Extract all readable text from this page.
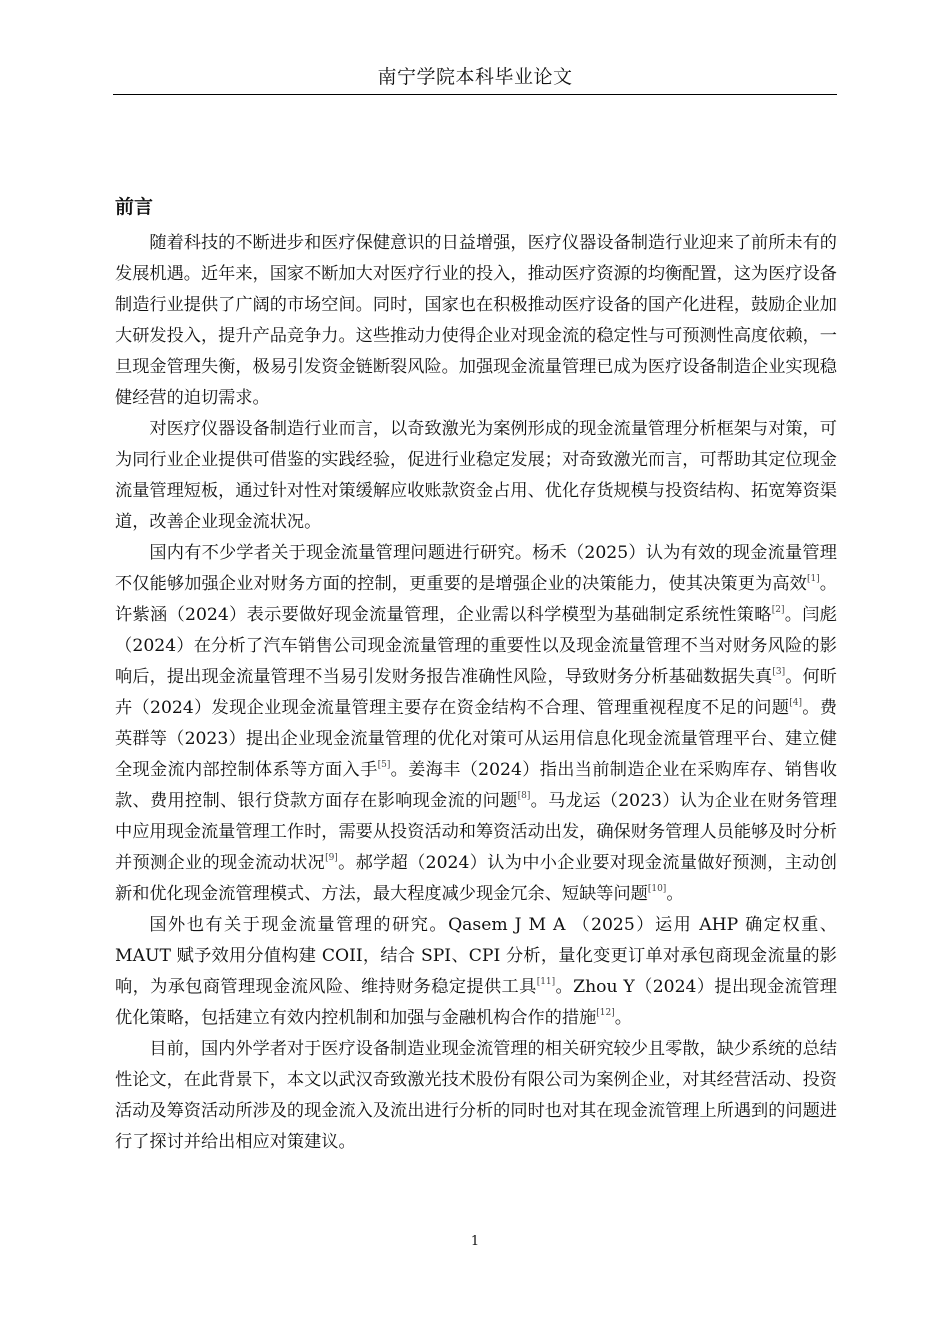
南宁学院本科毕业论文
前言

随着科技的不断进步和医疗保健意识的日益增强，医疗仪器设备制造行业迎来了前所未有的发展机遇。近年来，国家不断加大对医疗行业的投入，推动医疗资源的均衡配置，这为医疗设备制造行业提供了广阔的市场空间。同时，国家也在积极推动医疗设备的国产化进程，鼓励企业加大研发投入，提升产品竞争力。这些推动力使得企业对现金流的稳定性与可预测性高度依赖，一旦现金管理失衡，极易引发资金链断裂风险。加强现金流量管理已成为医疗设备制造企业实现稳健经营的迫切需求。

对医疗仪器设备制造行业而言，以奇致激光为案例形成的现金流量管理分析框架与对策，可为同行业企业提供可借鉴的实践经验，促进行业稳定发展；对奇致激光而言，可帮助其定位现金流量管理短板，通过针对性对策缓解应收账款资金占用、优化存货规模与投资结构、拓宽筹资渠道，改善企业现金流状况。

国内有不少学者关于现金流量管理问题进行研究。杨禾（2025）认为有效的现金流量管理不仅能够加强企业对财务方面的控制，更重要的是增强企业的决策能力，使其决策更为高效[1]。许紫涵（2024）表示要做好现金流量管理，企业需以科学模型为基础制定系统性策略[2]。闫彪（2024）在分析了汽车销售公司现金流量管理的重要性以及现金流量管理不当对财务风险的影响后，提出现金流量管理不当易引发财务报告准确性风险，导致财务分析基础数据失真[3]。何昕卉（2024）发现企业现金流量管理主要存在资金结构不合理、管理重视程度不足的问题[4]。费英群等（2023）提出企业现金流量管理的优化对策可从运用信息化现金流量管理平台、建立健全现金流内部控制体系等方面入手[5]。姜海丰（2024）指出当前制造企业在采购库存、销售收款、费用控制、银行贷款方面存在影响现金流的问题[8]。马龙运（2023）认为企业在财务管理中应用现金流量管理工作时，需要从投资活动和筹资活动出发，确保财务管理人员能够及时分析并预测企业的现金流动状况[9]。郝学超（2024）认为中小企业要对现金流量做好预测，主动创新和优化现金流管理模式、方法，最大程度减少现金冗余、短缺等问题[10]。

国外也有关于现金流量管理的研究。Qasem J M A （2025）运用 AHP 确定权重、MAUT 赋予效用分值构建 COII，结合 SPI、CPI 分析，量化变更订单对承包商现金流量的影响，为承包商管理现金流风险、维持财务稳定提供工具[11]。Zhou Y（2024）提出现金流管理优化策略，包括建立有效内控机制和加强与金融机构合作的措施[12]。

目前，国内外学者对于医疗设备制造业现金流管理的相关研究较少且零散，缺少系统的总结性论文，在此背景下，本文以武汉奇致激光技术股份有限公司为案例企业，对其经营活动、投资活动及筹资活动所涉及的现金流入及流出进行分析的同时也对其在现金流管理上所遇到的问题进行了探讨并给出相应对策建议。

1
